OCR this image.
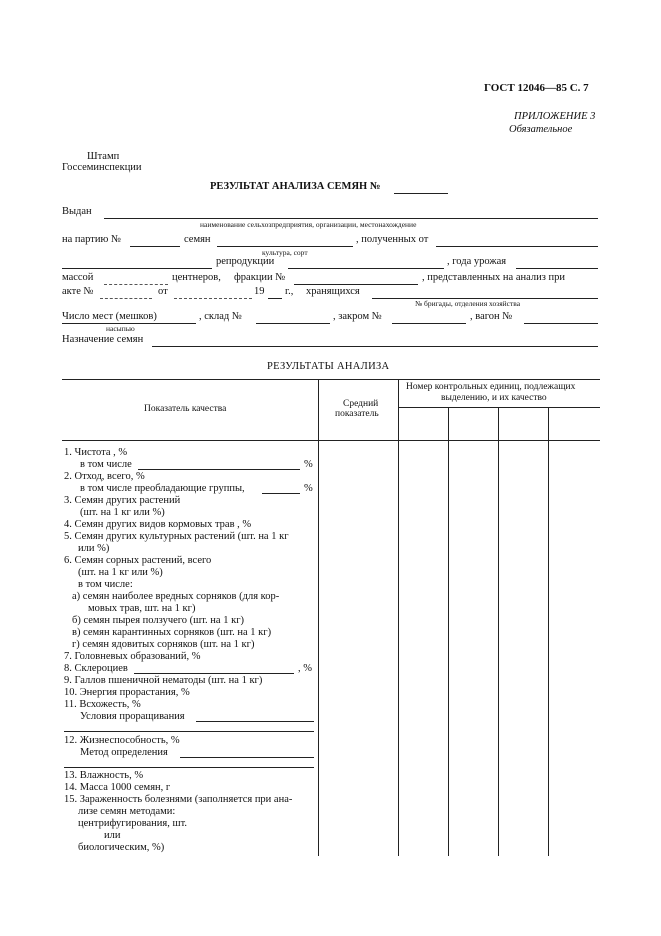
ГОСТ 12046—85 С. 7
ПРИЛОЖЕНИЕ 3
Обязательное
Штамп
Госсеминспекции
РЕЗУЛЬТАТ АНАЛИЗА СЕМЯН №
Выдан
наименование сельхозпредприятия, организации, местонахождение
на партию №	семян	, полученных от
культура, сорт
репродукции	, года урожая
массой	центнеров, фракции №	, представленных на анализ при
акте №	от	19 г., хранящихся
№ бригады, отделения хозяйства
Число мест (мешков)	, склад №	, закром №	, вагон №
насыпью
Назначение семян
РЕЗУЛЬТАТЫ АНАЛИЗА
Показатель качества	Средний
показатель
Номер контрольных единиц, подлежащих
выделению, и их качество
1. Чистота , %
в том числе	%
2. Отход, всего, %
в том числе преобладающие группы,	%
3. Семян других растений
(шт. на 1 кг или %)
4. Семян других видов кормовых трав , %
5. Семян других культурных растений (шт. на 1 кг
или %)
6. Семян сорных растений, всего
(шт. на 1 кг или %)
в том числе:
а) семян наиболее вредных сорняков (для кор-
мовых трав, шт. на 1 кг)
б) семян пырея ползучего (шт. на 1 кг)
в) семян карантинных сорняков (шт. на 1 кг)
г) семян ядовитых сорняков (шт. на 1 кг)
7. Головневых образований, %
8. Склероциев	, %
9. Галлов пшеничной нематоды (шт. на 1 кг)
10. Энергия прорастания, %
11. Всхожесть, %
Условия проращивания
12. Жизнеспособность, %
Метод определения
13. Влажность, %
14. Масса 1000 семян, г
15. Зараженность болезнями (заполняется при ана-
лизе семян методами:
центрифугирования, шт.
или
биологическим, %)
